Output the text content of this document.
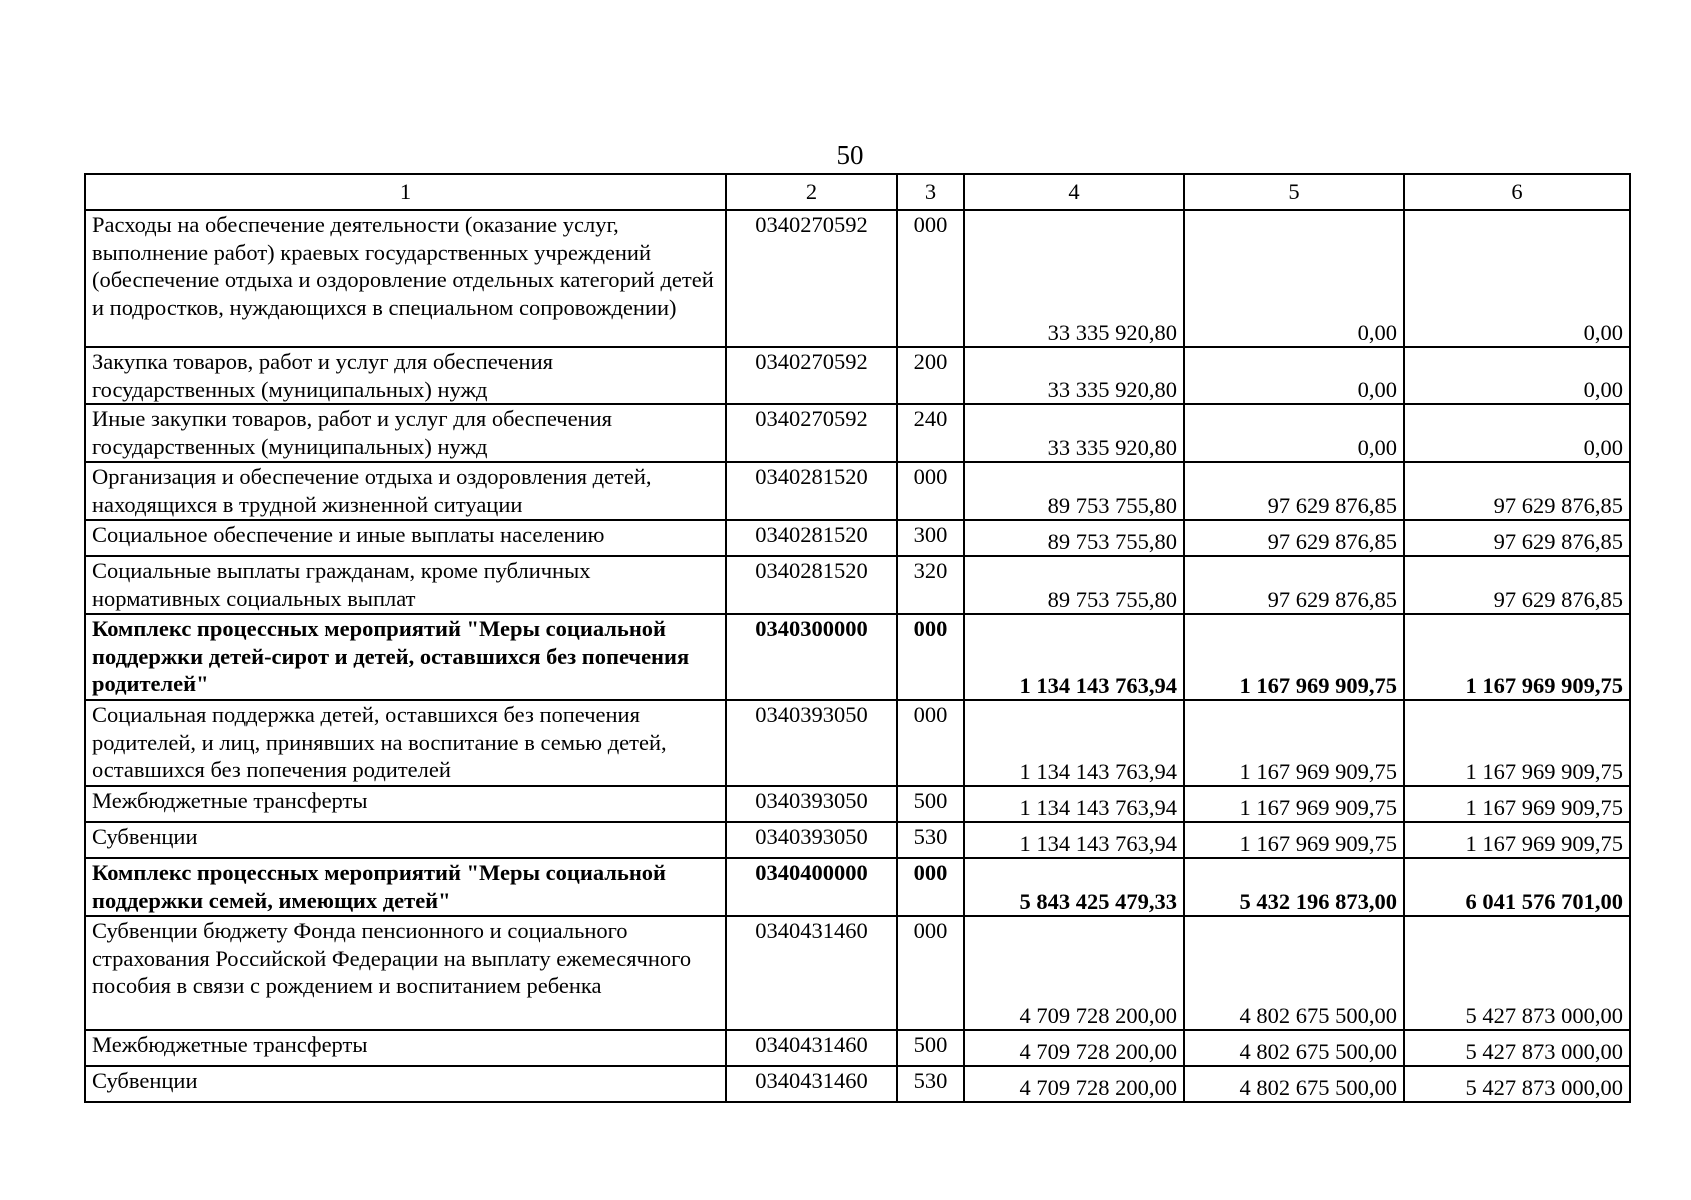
50
1	2	3	4	5	6
Расходы на обеспечение деятельности (оказание услуг, выполнение работ) краевых государственных учреждений (обеспечение отдыха и оздоровление отдельных категорий детей и подростков, нуждающихся в специальном сопровождении)	0340270592	000	33 335 920,80	0,00	0,00
Закупка товаров, работ и услуг для обеспечения государственных (муниципальных) нужд	0340270592	200	33 335 920,80	0,00	0,00
Иные закупки товаров, работ и услуг для обеспечения государственных (муниципальных) нужд	0340270592	240	33 335 920,80	0,00	0,00
Организация и обеспечение отдыха и оздоровления детей, находящихся в трудной жизненной ситуации	0340281520	000	89 753 755,80	97 629 876,85	97 629 876,85
Социальное обеспечение и иные выплаты населению	0340281520	300	89 753 755,80	97 629 876,85	97 629 876,85
Социальные выплаты гражданам, кроме публичных нормативных социальных выплат	0340281520	320	89 753 755,80	97 629 876,85	97 629 876,85
Комплекс процессных мероприятий "Меры социальной поддержки детей-сирот и детей, оставшихся без попечения родителей"	0340300000	000	1 134 143 763,94	1 167 969 909,75	1 167 969 909,75
Социальная поддержка детей, оставшихся без попечения родителей, и лиц, принявших на воспитание в семью детей, оставшихся без попечения родителей	0340393050	000	1 134 143 763,94	1 167 969 909,75	1 167 969 909,75
Межбюджетные трансферты	0340393050	500	1 134 143 763,94	1 167 969 909,75	1 167 969 909,75
Субвенции	0340393050	530	1 134 143 763,94	1 167 969 909,75	1 167 969 909,75
Комплекс процессных мероприятий "Меры социальной поддержки семей, имеющих детей"	0340400000	000	5 843 425 479,33	5 432 196 873,00	6 041 576 701,00
Субвенции бюджету Фонда пенсионного и социального страхования Российской Федерации на выплату ежемесячного пособия в связи с рождением и воспитанием ребенка	0340431460	000	4 709 728 200,00	4 802 675 500,00	5 427 873 000,00
Межбюджетные трансферты	0340431460	500	4 709 728 200,00	4 802 675 500,00	5 427 873 000,00
Субвенции	0340431460	530	4 709 728 200,00	4 802 675 500,00	5 427 873 000,00
